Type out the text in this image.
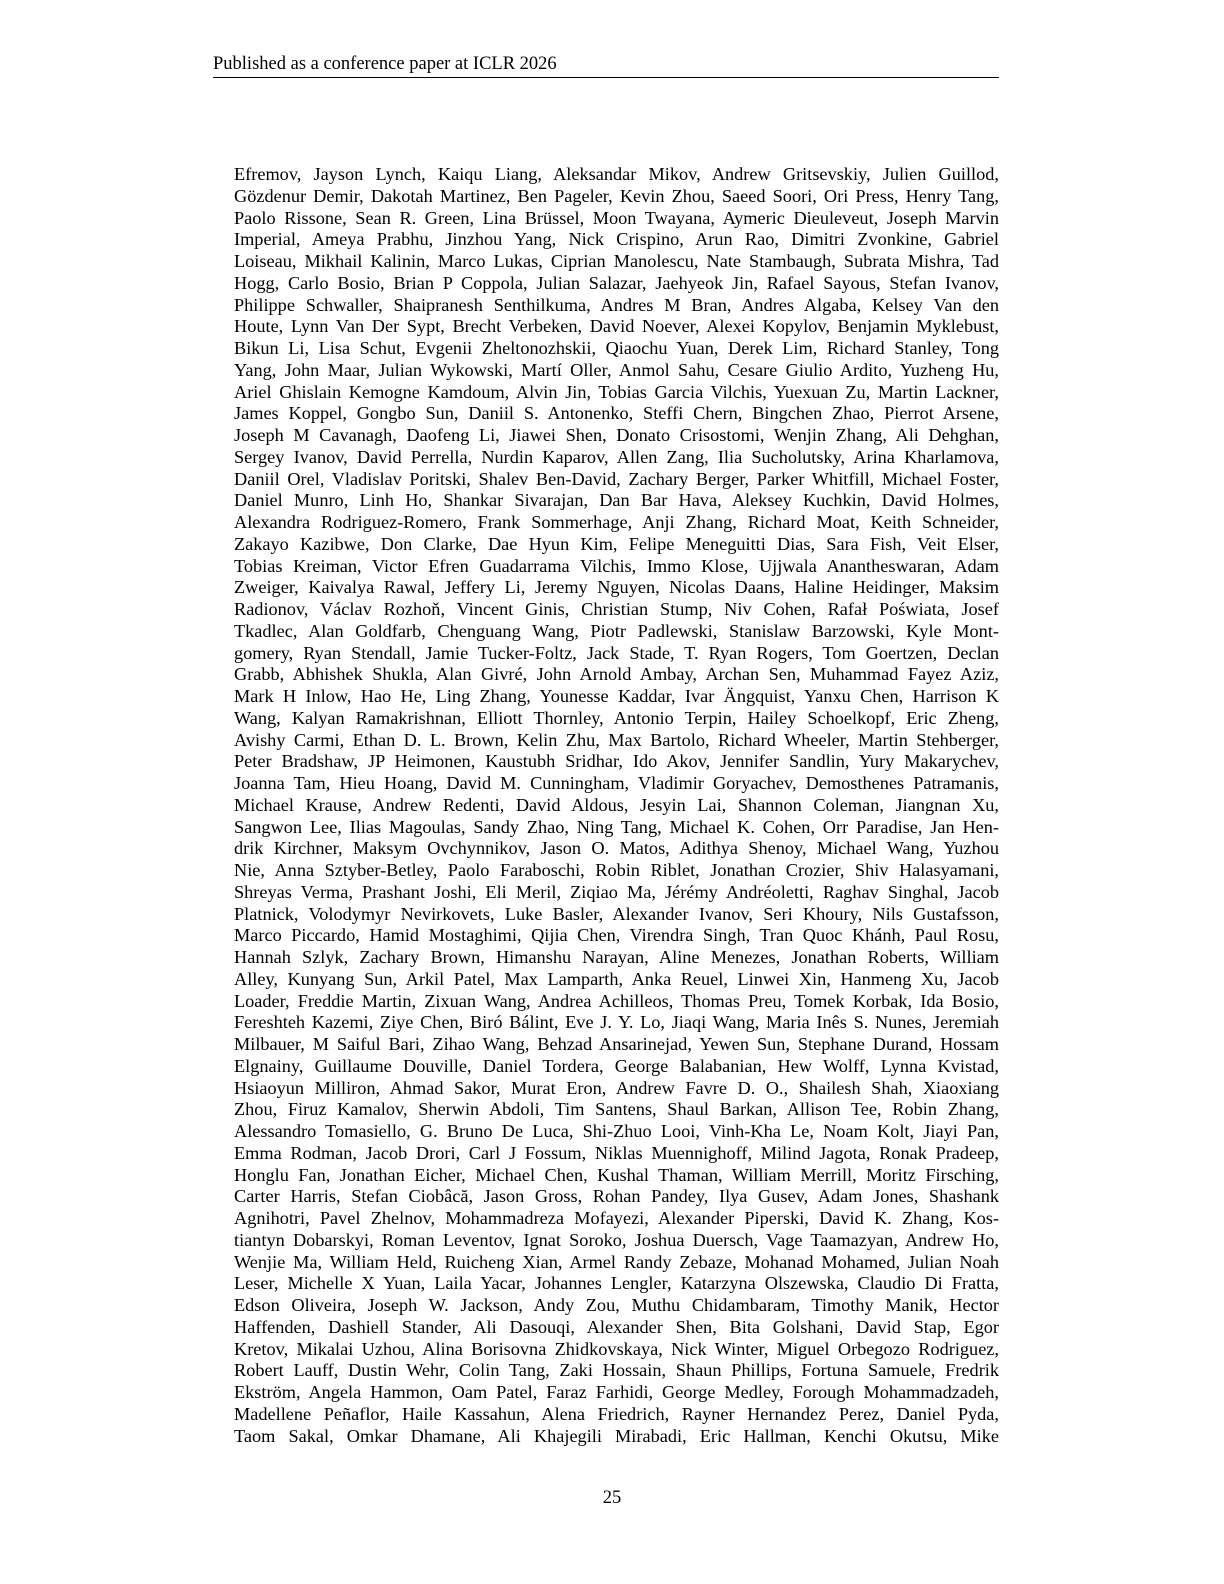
Published as a conference paper at ICLR 2026
Efremov, Jayson Lynch, Kaiqu Liang, Aleksandar Mikov, Andrew Gritsevskiy, Julien Guillod,
Gözdenur Demir, Dakotah Martinez, Ben Pageler, Kevin Zhou, Saeed Soori, Ori Press, Henry Tang,
Paolo Rissone, Sean R. Green, Lina Brüssel, Moon Twayana, Aymeric Dieuleveut, Joseph Marvin
Imperial, Ameya Prabhu, Jinzhou Yang, Nick Crispino, Arun Rao, Dimitri Zvonkine, Gabriel
Loiseau, Mikhail Kalinin, Marco Lukas, Ciprian Manolescu, Nate Stambaugh, Subrata Mishra, Tad
Hogg, Carlo Bosio, Brian P Coppola, Julian Salazar, Jaehyeok Jin, Rafael Sayous, Stefan Ivanov,
Philippe Schwaller, Shaipranesh Senthilkuma, Andres M Bran, Andres Algaba, Kelsey Van den
Houte, Lynn Van Der Sypt, Brecht Verbeken, David Noever, Alexei Kopylov, Benjamin Myklebust,
Bikun Li, Lisa Schut, Evgenii Zheltonozhskii, Qiaochu Yuan, Derek Lim, Richard Stanley, Tong
Yang, John Maar, Julian Wykowski, Martí Oller, Anmol Sahu, Cesare Giulio Ardito, Yuzheng Hu,
Ariel Ghislain Kemogne Kamdoum, Alvin Jin, Tobias Garcia Vilchis, Yuexuan Zu, Martin Lackner,
James Koppel, Gongbo Sun, Daniil S. Antonenko, Steffi Chern, Bingchen Zhao, Pierrot Arsene,
Joseph M Cavanagh, Daofeng Li, Jiawei Shen, Donato Crisostomi, Wenjin Zhang, Ali Dehghan,
Sergey Ivanov, David Perrella, Nurdin Kaparov, Allen Zang, Ilia Sucholutsky, Arina Kharlamova,
Daniil Orel, Vladislav Poritski, Shalev Ben-David, Zachary Berger, Parker Whitfill, Michael Foster,
Daniel Munro, Linh Ho, Shankar Sivarajan, Dan Bar Hava, Aleksey Kuchkin, David Holmes,
Alexandra Rodriguez-Romero, Frank Sommerhage, Anji Zhang, Richard Moat, Keith Schneider,
Zakayo Kazibwe, Don Clarke, Dae Hyun Kim, Felipe Meneguitti Dias, Sara Fish, Veit Elser,
Tobias Kreiman, Victor Efren Guadarrama Vilchis, Immo Klose, Ujjwala Anantheswaran, Adam
Zweiger, Kaivalya Rawal, Jeffery Li, Jeremy Nguyen, Nicolas Daans, Haline Heidinger, Maksim
Radionov, Václav Rozhoň, Vincent Ginis, Christian Stump, Niv Cohen, Rafał Poświata, Josef
Tkadlec, Alan Goldfarb, Chenguang Wang, Piotr Padlewski, Stanislaw Barzowski, Kyle Mont-
gomery, Ryan Stendall, Jamie Tucker-Foltz, Jack Stade, T. Ryan Rogers, Tom Goertzen, Declan
Grabb, Abhishek Shukla, Alan Givré, John Arnold Ambay, Archan Sen, Muhammad Fayez Aziz,
Mark H Inlow, Hao He, Ling Zhang, Younesse Kaddar, Ivar Ängquist, Yanxu Chen, Harrison K
Wang, Kalyan Ramakrishnan, Elliott Thornley, Antonio Terpin, Hailey Schoelkopf, Eric Zheng,
Avishy Carmi, Ethan D. L. Brown, Kelin Zhu, Max Bartolo, Richard Wheeler, Martin Stehberger,
Peter Bradshaw, JP Heimonen, Kaustubh Sridhar, Ido Akov, Jennifer Sandlin, Yury Makarychev,
Joanna Tam, Hieu Hoang, David M. Cunningham, Vladimir Goryachev, Demosthenes Patramanis,
Michael Krause, Andrew Redenti, David Aldous, Jesyin Lai, Shannon Coleman, Jiangnan Xu,
Sangwon Lee, Ilias Magoulas, Sandy Zhao, Ning Tang, Michael K. Cohen, Orr Paradise, Jan Hen-
drik Kirchner, Maksym Ovchynnikov, Jason O. Matos, Adithya Shenoy, Michael Wang, Yuzhou
Nie, Anna Sztyber-Betley, Paolo Faraboschi, Robin Riblet, Jonathan Crozier, Shiv Halasyamani,
Shreyas Verma, Prashant Joshi, Eli Meril, Ziqiao Ma, Jérémy Andréoletti, Raghav Singhal, Jacob
Platnick, Volodymyr Nevirkovets, Luke Basler, Alexander Ivanov, Seri Khoury, Nils Gustafsson,
Marco Piccardo, Hamid Mostaghimi, Qijia Chen, Virendra Singh, Tran Quoc Khánh, Paul Rosu,
Hannah Szlyk, Zachary Brown, Himanshu Narayan, Aline Menezes, Jonathan Roberts, William
Alley, Kunyang Sun, Arkil Patel, Max Lamparth, Anka Reuel, Linwei Xin, Hanmeng Xu, Jacob
Loader, Freddie Martin, Zixuan Wang, Andrea Achilleos, Thomas Preu, Tomek Korbak, Ida Bosio,
Fereshteh Kazemi, Ziye Chen, Biró Bálint, Eve J. Y. Lo, Jiaqi Wang, Maria Inês S. Nunes, Jeremiah
Milbauer, M Saiful Bari, Zihao Wang, Behzad Ansarinejad, Yewen Sun, Stephane Durand, Hossam
Elgnainy, Guillaume Douville, Daniel Tordera, George Balabanian, Hew Wolff, Lynna Kvistad,
Hsiaoyun Milliron, Ahmad Sakor, Murat Eron, Andrew Favre D. O., Shailesh Shah, Xiaoxiang
Zhou, Firuz Kamalov, Sherwin Abdoli, Tim Santens, Shaul Barkan, Allison Tee, Robin Zhang,
Alessandro Tomasiello, G. Bruno De Luca, Shi-Zhuo Looi, Vinh-Kha Le, Noam Kolt, Jiayi Pan,
Emma Rodman, Jacob Drori, Carl J Fossum, Niklas Muennighoff, Milind Jagota, Ronak Pradeep,
Honglu Fan, Jonathan Eicher, Michael Chen, Kushal Thaman, William Merrill, Moritz Firsching,
Carter Harris, Stefan Ciobâcă, Jason Gross, Rohan Pandey, Ilya Gusev, Adam Jones, Shashank
Agnihotri, Pavel Zhelnov, Mohammadreza Mofayezi, Alexander Piperski, David K. Zhang, Kos-
tiantyn Dobarskyi, Roman Leventov, Ignat Soroko, Joshua Duersch, Vage Taamazyan, Andrew Ho,
Wenjie Ma, William Held, Ruicheng Xian, Armel Randy Zebaze, Mohanad Mohamed, Julian Noah
Leser, Michelle X Yuan, Laila Yacar, Johannes Lengler, Katarzyna Olszewska, Claudio Di Fratta,
Edson Oliveira, Joseph W. Jackson, Andy Zou, Muthu Chidambaram, Timothy Manik, Hector
Haffenden, Dashiell Stander, Ali Dasouqi, Alexander Shen, Bita Golshani, David Stap, Egor
Kretov, Mikalai Uzhou, Alina Borisovna Zhidkovskaya, Nick Winter, Miguel Orbegozo Rodriguez,
Robert Lauff, Dustin Wehr, Colin Tang, Zaki Hossain, Shaun Phillips, Fortuna Samuele, Fredrik
Ekström, Angela Hammon, Oam Patel, Faraz Farhidi, George Medley, Forough Mohammadzadeh,
Madellene Peñaflor, Haile Kassahun, Alena Friedrich, Rayner Hernandez Perez, Daniel Pyda,
Taom Sakal, Omkar Dhamane, Ali Khajegili Mirabadi, Eric Hallman, Kenchi Okutsu, Mike
25
